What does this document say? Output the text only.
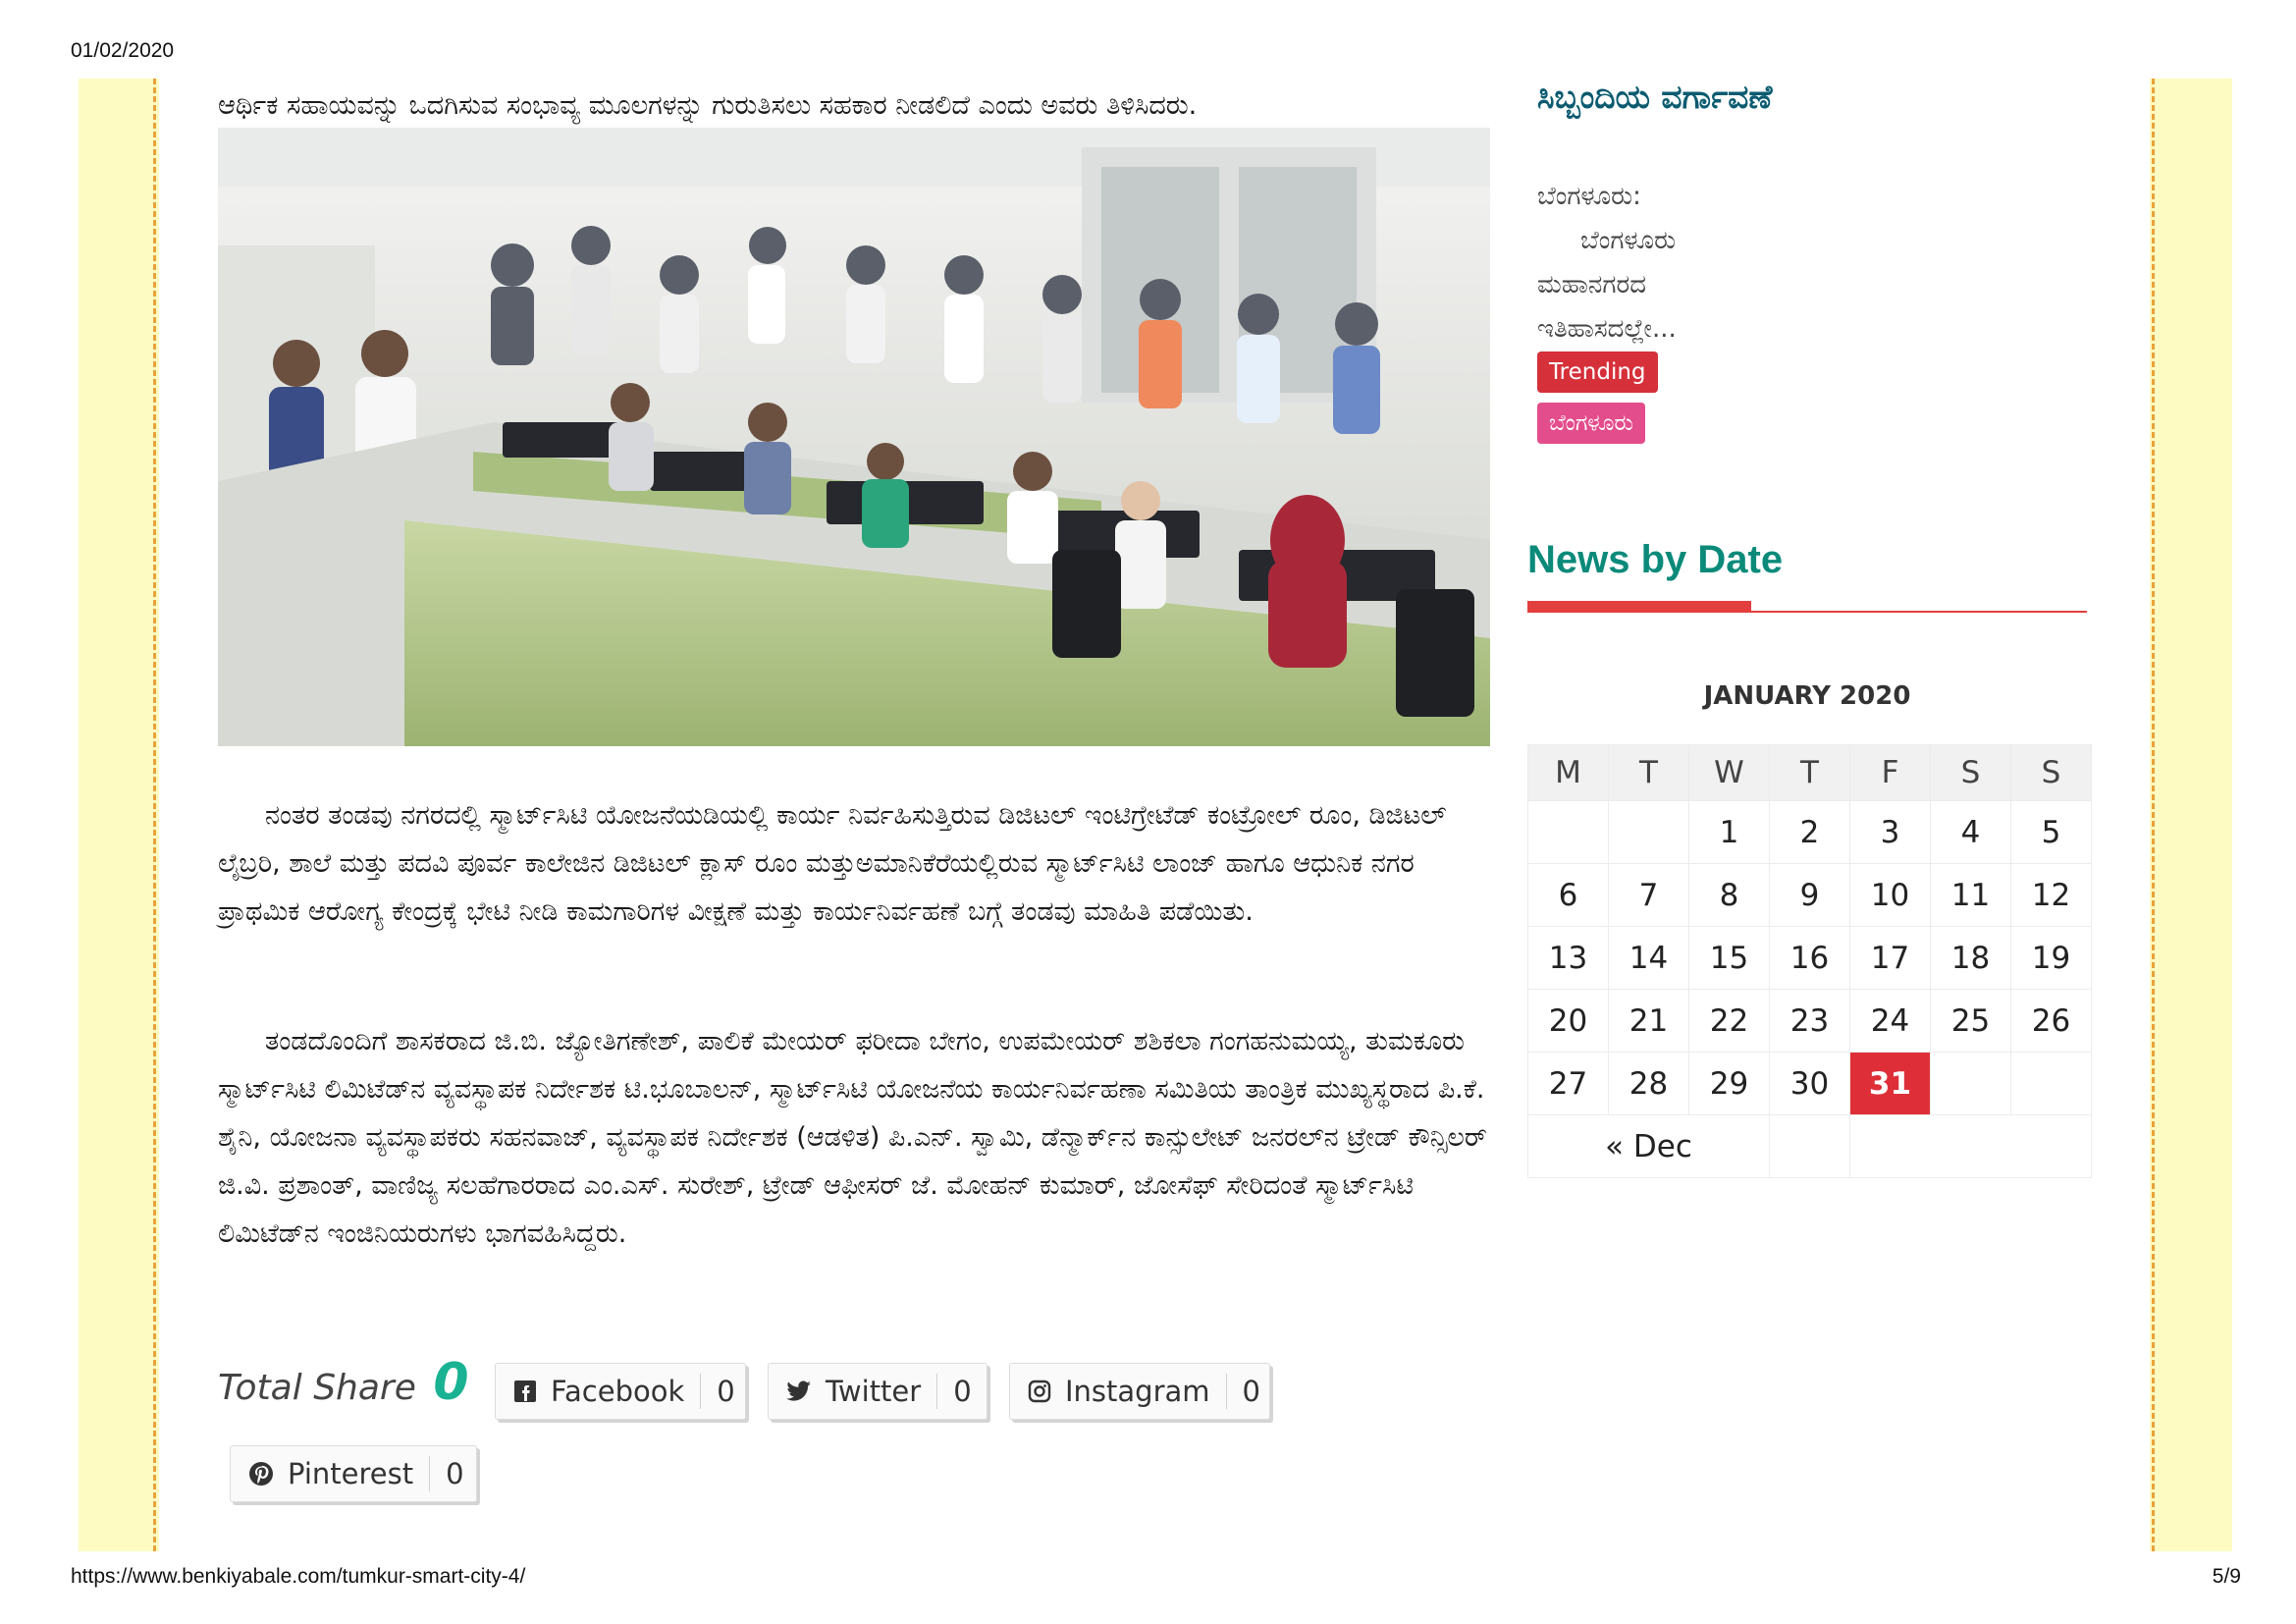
01/02/2020
ಆರ್ಥಿಕ ಸಹಾಯವನ್ನು ಒದಗಿಸುವ ಸಂಭಾವ್ಯ ಮೂಲಗಳನ್ನು ಗುರುತಿಸಲು ಸಹಕಾರ ನೀಡಲಿದೆ ಎಂದು ಅವರು ತಿಳಿಸಿದರು.

ನಂತರ ತಂಡವು ನಗರದಲ್ಲಿ ಸ್ಮಾರ್ಟ್‌ಸಿಟಿ ಯೋಜನೆಯಡಿಯಲ್ಲಿ ಕಾರ್ಯ ನಿರ್ವಹಿಸುತ್ತಿರುವ ಡಿಜಿಟಲ್ ಇಂಟಿಗ್ರೇಟೆಡ್ ಕಂಟ್ರೋಲ್ ರೂಂ, ಡಿಜಿಟಲ್ ಲೈಬ್ರರಿ, ಶಾಲೆ ಮತ್ತು ಪದವಿ ಪೂರ್ವ ಕಾಲೇಜಿನ ಡಿಜಿಟಲ್ ಕ್ಲಾಸ್ ರೂಂ ಮತ್ತುಅಮಾನಿಕೆರೆಯಲ್ಲಿರುವ ಸ್ಮಾರ್ಟ್‌ಸಿಟಿ ಲಾಂಜ್ ಹಾಗೂ ಆಧುನಿಕ ನಗರ ಪ್ರಾಥಮಿಕ ಆರೋಗ್ಯ ಕೇಂದ್ರಕ್ಕೆ ಭೇಟಿ ನೀಡಿ ಕಾಮಗಾರಿಗಳ ವೀಕ್ಷಣೆ ಮತ್ತು ಕಾರ್ಯನಿರ್ವಹಣೆ ಬಗ್ಗೆ ತಂಡವು ಮಾಹಿತಿ ಪಡೆಯಿತು.

ತಂಡದೊಂದಿಗೆ ಶಾಸಕರಾದ ಜಿ.ಬಿ. ಜ್ಯೋತಿಗಣೇಶ್, ಪಾಲಿಕೆ ಮೇಯರ್ ಫರೀದಾ ಬೇಗಂ, ಉಪಮೇಯರ್ ಶಶಿಕಲಾ ಗಂಗಹನುಮಯ್ಯ, ತುಮಕೂರು ಸ್ಮಾರ್ಟ್‌ಸಿಟಿ ಲಿಮಿಟೆಡ್‌ನ ವ್ಯವಸ್ಥಾಪಕ ನಿರ್ದೇಶಕ ಟಿ.ಭೂಬಾಲನ್, ಸ್ಮಾರ್ಟ್‌ಸಿಟಿ ಯೋಜನೆಯ ಕಾರ್ಯನಿರ್ವಹಣಾ ಸಮಿತಿಯ ತಾಂತ್ರಿಕ ಮುಖ್ಯಸ್ಥರಾದ ಪಿ.ಕೆ. ಶೈನಿ, ಯೋಜನಾ ವ್ಯವಸ್ಥಾಪಕರು ಸಹನವಾಜ್, ವ್ಯವಸ್ಥಾಪಕ ನಿರ್ದೇಶಕ (ಆಡಳಿತ) ಪಿ.ಎನ್. ಸ್ವಾಮಿ, ಡೆನ್ಮಾರ್ಕ್‌ನ ಕಾನ್ಸುಲೇಟ್ ಜನರಲ್‌ನ ಟ್ರೇಡ್ ಕೌನ್ಸಿಲರ್ ಜಿ.ವಿ. ಪ್ರಶಾಂತ್, ವಾಣಿಜ್ಯ ಸಲಹೆಗಾರರಾದ ಎಂ.ಎಸ್. ಸುರೇಶ್, ಟ್ರೇಡ್ ಆಫೀಸರ್ ಜೆ. ಮೋಹನ್ ಕುಮಾರ್, ಜೋಸೆಫ್ ಸೇರಿದಂತೆ ಸ್ಮಾರ್ಟ್‌ಸಿಟಿ ಲಿಮಿಟೆಡ್‌ನ ಇಂಜಿನಿಯರುಗಳು ಭಾಗವಹಿಸಿದ್ದರು.

Total Share 0	Facebook	0	Twitter	0	Instagram	0
Pinterest	0
ಸಿಬ್ಬಂದಿಯ ವರ್ಗಾವಣೆ
ಬೆಂಗಳೂರು:
ಬೆಂಗಳೂರು
ಮಹಾನಗರದ
ಇತಿಹಾಸದಲ್ಲೇ...
Trending
ಬೆಂಗಳೂರು
News by Date
JANUARY 2020
M	T	W	T	F	S	S
		1	2	3	4	5
6	7	8	9	10	11	12
13	14	15	16	17	18	19
20	21	22	23	24	25	26
27	28	29	30	31		
« Dec						
https://www.benkiyabale.com/tumkur-smart-city-4/	5/9
